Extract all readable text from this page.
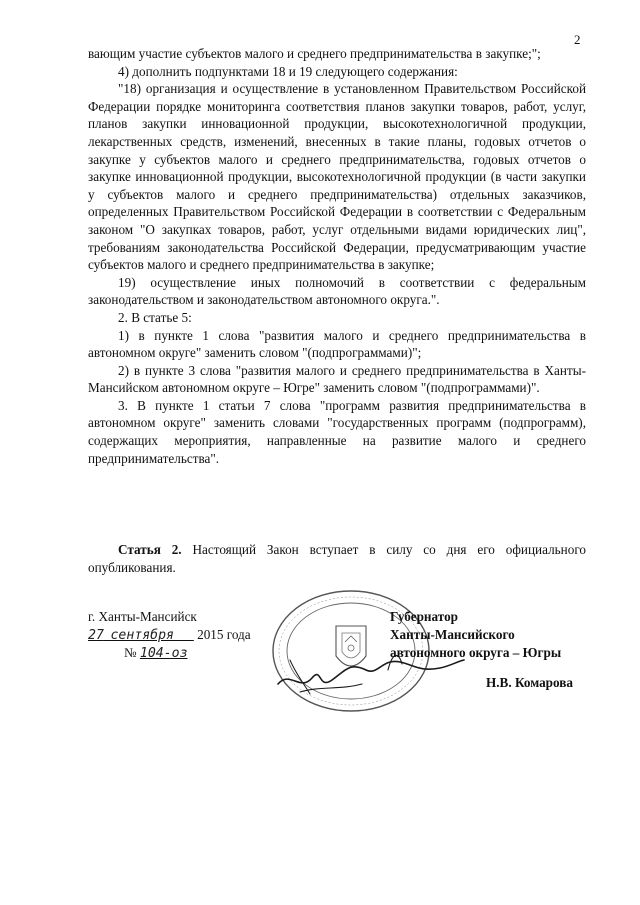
2

вающим участие субъектов малого и среднего предпринимательства в закупке;";

4) дополнить подпунктами 18 и 19 следующего содержания:

"18) организация и осуществление в установленном Правительством Российской Федерации порядке мониторинга соответствия планов закупки товаров, работ, услуг, планов закупки инновационной продукции, высокотехнологичной продукции, лекарственных средств, изменений, внесенных в такие планы, годовых отчетов о закупке у субъектов малого и среднего предпринимательства, годовых отчетов о закупке инновационной продукции, высокотехнологичной продукции (в части закупки у субъектов малого и среднего предпринимательства) отдельных заказчиков, определенных Правительством Российской Федерации в соответствии с Федеральным законом "О закупках товаров, работ, услуг отдельными видами юридических лиц", требованиям законодательства Российской Федерации, предусматривающим участие субъектов малого и среднего предпринимательства в закупке;

19) осуществление иных полномочий в соответствии с федеральным законодательством и законодательством автономного округа.".

2. В статье 5:

1) в пункте 1 слова "развития малого и среднего предпринимательства в автономном округе" заменить словом "(подпрограммами)";

2) в пункте 3 слова "развития малого и среднего предпринимательства в Ханты-Мансийском автономном округе – Югре" заменить словом "(подпрограммами)".

3. В пункте 1 статьи 7 слова "программ развития предпринимательства в автономном округе" заменить словами "государственных программ (подпрограмм), содержащих мероприятия, направленные на развитие малого и среднего предпринимательства".

Статья 2. Настоящий Закон вступает в силу со дня его официального опубликования.

г. Ханты-Мансийск
27 сентября 2015 года
№ 104-оз
Губернатор
Ханты-Мансийского
автономного округа – Югры
Н.В. Комарова
